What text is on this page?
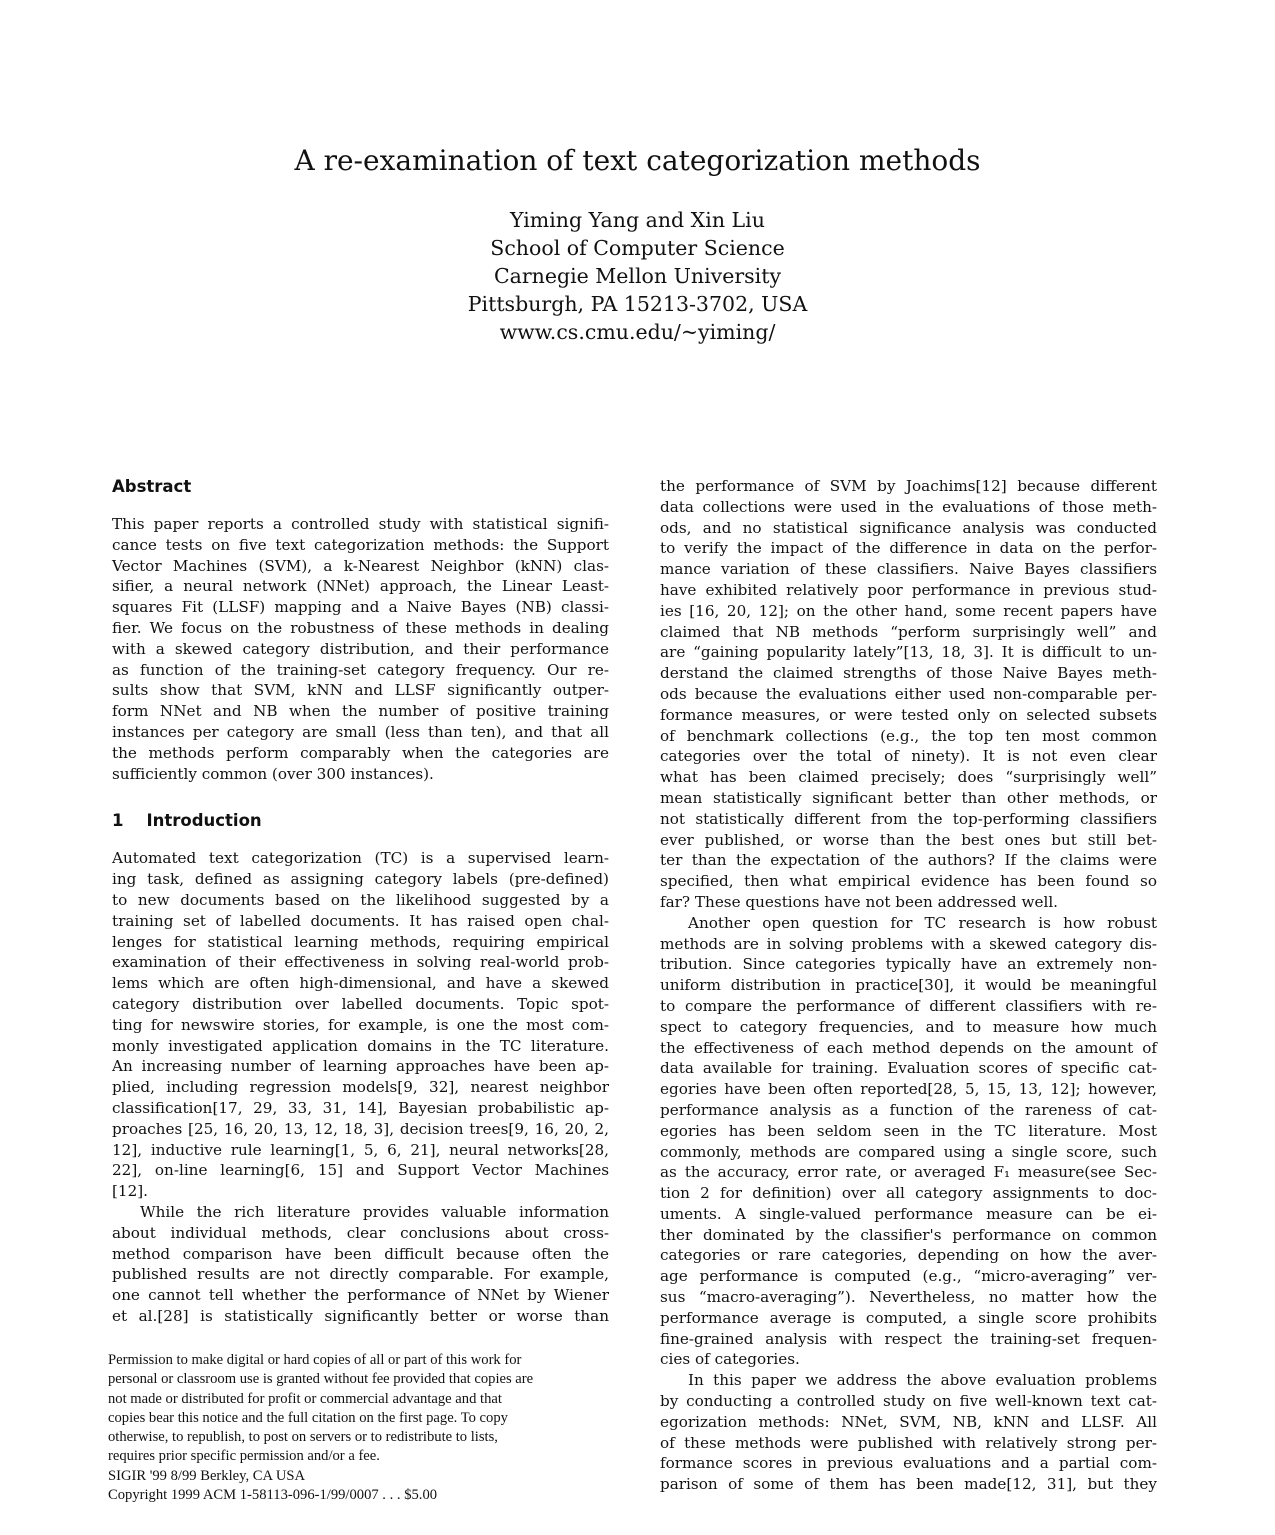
A re-examination of text categorization methods
Yiming Yang and Xin Liu
School of Computer Science
Carnegie Mellon University
Pittsburgh, PA 15213-3702, USA
www.cs.cmu.edu/~yiming/
Abstract
This paper reports a controlled study with statistical signifi-
cance tests on five text categorization methods: the Support
Vector Machines (SVM), a k-Nearest Neighbor (kNN) clas-
sifier, a neural network (NNet) approach, the Linear Least-
squares Fit (LLSF) mapping and a Naive Bayes (NB) classi-
fier. We focus on the robustness of these methods in dealing
with a skewed category distribution, and their performance
as function of the training-set category frequency. Our re-
sults show that SVM, kNN and LLSF significantly outper-
form NNet and NB when the number of positive training
instances per category are small (less than ten), and that all
the methods perform comparably when the categories are
sufficiently common (over 300 instances).
1    Introduction
Automated text categorization (TC) is a supervised learn-
ing task, defined as assigning category labels (pre-defined)
to new documents based on the likelihood suggested by a
training set of labelled documents. It has raised open chal-
lenges for statistical learning methods, requiring empirical
examination of their effectiveness in solving real-world prob-
lems which are often high-dimensional, and have a skewed
category distribution over labelled documents. Topic spot-
ting for newswire stories, for example, is one the most com-
monly investigated application domains in the TC literature.
An increasing number of learning approaches have been ap-
plied, including regression models[9, 32], nearest neighbor
classification[17, 29, 33, 31, 14], Bayesian probabilistic ap-
proaches [25, 16, 20, 13, 12, 18, 3], decision trees[9, 16, 20, 2,
12], inductive rule learning[1, 5, 6, 21], neural networks[28,
22], on-line learning[6, 15] and Support Vector Machines
[12].
While the rich literature provides valuable information
about individual methods, clear conclusions about cross-
method comparison have been difficult because often the
published results are not directly comparable. For example,
one cannot tell whether the performance of NNet by Wiener
et al.[28] is statistically significantly better or worse than
Permission to make digital or hard copies of all or part of this work for
personal or classroom use is granted without fee provided that copies are
not made or distributed for profit or commercial advantage and that
copies bear this notice and the full citation on the first page. To copy
otherwise, to republish, to post on servers or to redistribute to lists,
requires prior specific permission and/or a fee.
SIGIR '99 8/99 Berkley, CA USA
Copyright 1999 ACM 1-58113-096-1/99/0007 . . . $5.00
the performance of SVM by Joachims[12] because different
data collections were used in the evaluations of those meth-
ods, and no statistical significance analysis was conducted
to verify the impact of the difference in data on the perfor-
mance variation of these classifiers. Naive Bayes classifiers
have exhibited relatively poor performance in previous stud-
ies [16, 20, 12]; on the other hand, some recent papers have
claimed that NB methods “perform surprisingly well” and
are “gaining popularity lately”[13, 18, 3]. It is difficult to un-
derstand the claimed strengths of those Naive Bayes meth-
ods because the evaluations either used non-comparable per-
formance measures, or were tested only on selected subsets
of benchmark collections (e.g., the top ten most common
categories over the total of ninety). It is not even clear
what has been claimed precisely; does “surprisingly well”
mean statistically significant better than other methods, or
not statistically different from the top-performing classifiers
ever published, or worse than the best ones but still bet-
ter than the expectation of the authors? If the claims were
specified, then what empirical evidence has been found so
far? These questions have not been addressed well.
Another open question for TC research is how robust
methods are in solving problems with a skewed category dis-
tribution. Since categories typically have an extremely non-
uniform distribution in practice[30], it would be meaningful
to compare the performance of different classifiers with re-
spect to category frequencies, and to measure how much
the effectiveness of each method depends on the amount of
data available for training. Evaluation scores of specific cat-
egories have been often reported[28, 5, 15, 13, 12]; however,
performance analysis as a function of the rareness of cat-
egories has been seldom seen in the TC literature. Most
commonly, methods are compared using a single score, such
as the accuracy, error rate, or averaged F₁ measure(see Sec-
tion 2 for definition) over all category assignments to doc-
uments. A single-valued performance measure can be ei-
ther dominated by the classifier's performance on common
categories or rare categories, depending on how the aver-
age performance is computed (e.g., “micro-averaging” ver-
sus “macro-averaging”). Nevertheless, no matter how the
performance average is computed, a single score prohibits
fine-grained analysis with respect the training-set frequen-
cies of categories.
In this paper we address the above evaluation problems
by conducting a controlled study on five well-known text cat-
egorization methods: NNet, SVM, NB, kNN and LLSF. All
of these methods were published with relatively strong per-
formance scores in previous evaluations and a partial com-
parison of some of them has been made[12, 31], but they
